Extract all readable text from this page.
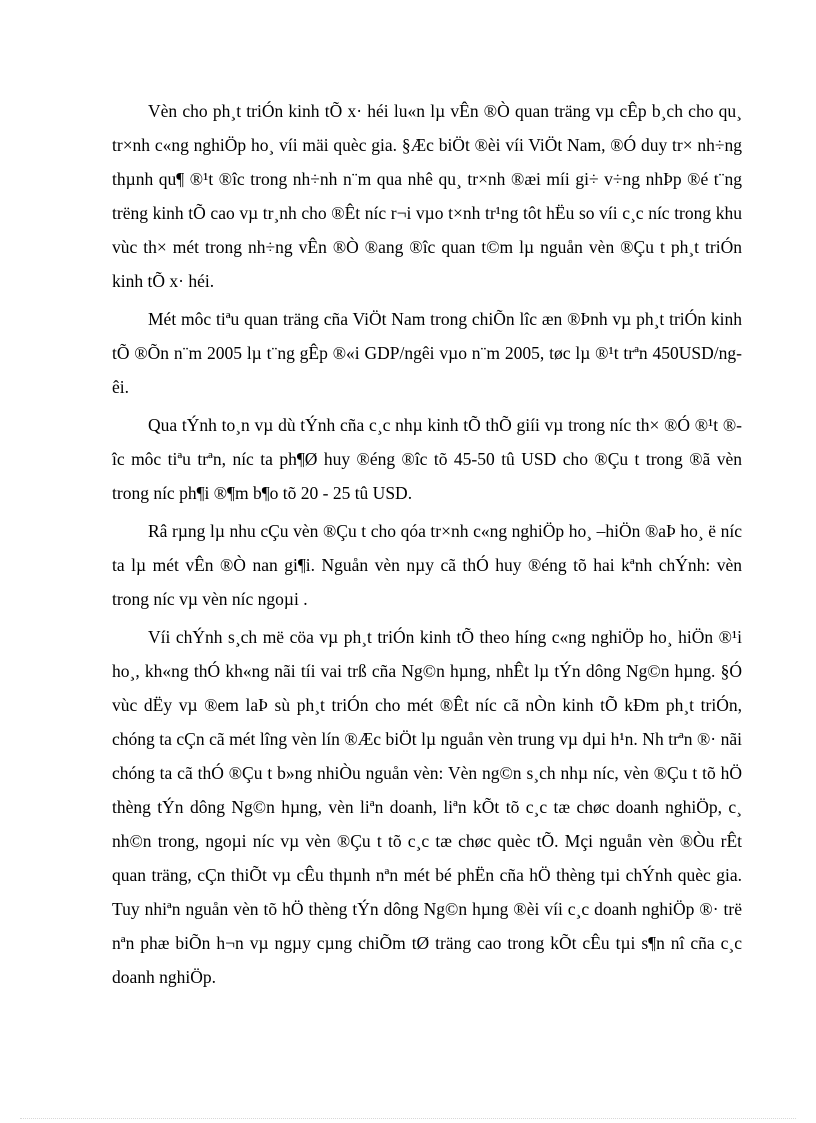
Vèn cho ph¸t triÓn kinh tÕ x· héi lu«n lµ vÊn ®Ò quan träng vµ cÊp b¸ch cho qu¸ tr×nh c«ng nghiÖp ho¸ víi mäi quèc gia. §Æc biÖt ®èi víi ViÖt Nam, ®Ó duy tr× nh÷ng thµnh qu¶ ®¹t ®îc trong nh÷nh n¨m qua nhê qu¸ tr×nh ®æi míi gi÷ v÷ng nhÞp ®é t¨ng trëng kinh tÕ cao vµ tr¸nh cho ®Êt níc r¬i vµo t×nh tr¹ng tôt hËu so víi c¸c níc trong khu vùc th× mét trong nh÷ng vÊn ®Ò ®ang ®îc quan t©m lµ nguån vèn ®Çu t ph¸t triÓn kinh tÕ x· héi.

Mét môc tiªu quan träng cña ViÖt Nam trong chiÕn lîc æn ®Þnh vµ ph¸t triÓn kinh tÕ ®Õn n¨m 2005 lµ t¨ng gÊp ®«i GDP/ngêi vµo n¨m 2005, tøc lµ ®¹t trªn 450USD/ngêi.

Qua tÝnh to¸n vµ dù tÝnh cña c¸c nhµ kinh tÕ thÕ giíi vµ trong níc th× ®Ó ®¹t ®îc môc tiªu trªn, níc ta ph¶Ø huy ®éng ®îc tõ 45-50 tû USD cho ®Çu t trong ®ã vèn trong níc ph¶i ®¶m b¶o tõ 20 - 25 tû USD.

Râ rµng lµ nhu cÇu vèn ®Çu t cho qóa tr×nh c«ng nghiÖp ho¸ –hiÖn ®aÞ ho¸ ë níc ta lµ mét vÊn ®Ò nan gi¶i. Nguån vèn nµy cã thÓ huy ®éng tõ hai kªnh chÝnh: vèn trong níc vµ vèn níc ngoµi .

Víi chÝnh s¸ch më cöa vµ ph¸t triÓn kinh tÕ theo híng c«ng nghiÖp ho¸ hiÖn ®¹i ho¸, kh«ng thÓ kh«ng nãi tíi vai trß cña Ng©n hµng, nhÊt lµ tÝn dông Ng©n hµng. §Ó vùc dËy vµ ®em laÞ sù ph¸t triÓn cho mét ®Êt níc cã nÒn kinh tÕ kÐm ph¸t triÓn, chóng ta cÇn cã mét lîng vèn lín ®Æc biÖt lµ nguån vèn trung vµ dµi h¹n. Nh trªn ®· nãi chóng ta cã thÓ ®Çu t b»ng nhiÒu nguån vèn: Vèn ng©n s¸ch nhµ níc, vèn ®Çu t tõ hÖ thèng tÝn dông Ng©n hµng, vèn liªn doanh, liªn kÕt tõ c¸c tæ chøc doanh nghiÖp, c¸ nh©n trong, ngoµi níc vµ vèn ®Çu t tõ c¸c tæ chøc quèc tÕ. Mçi nguån vèn ®Òu rÊt quan träng, cÇn thiÕt vµ cÊu thµnh nªn mét bé phËn cña hÖ thèng tµi chÝnh quèc gia. Tuy nhiªn nguån vèn tõ hÖ thèng tÝn dông Ng©n hµng ®èi víi c¸c doanh nghiÖp ®· trë nªn phæ biÕn h¬n vµ ngµy cµng chiÕm tØ träng cao trong kÕt cÊu tµi s¶n nî cña c¸c doanh nghiÖp.
